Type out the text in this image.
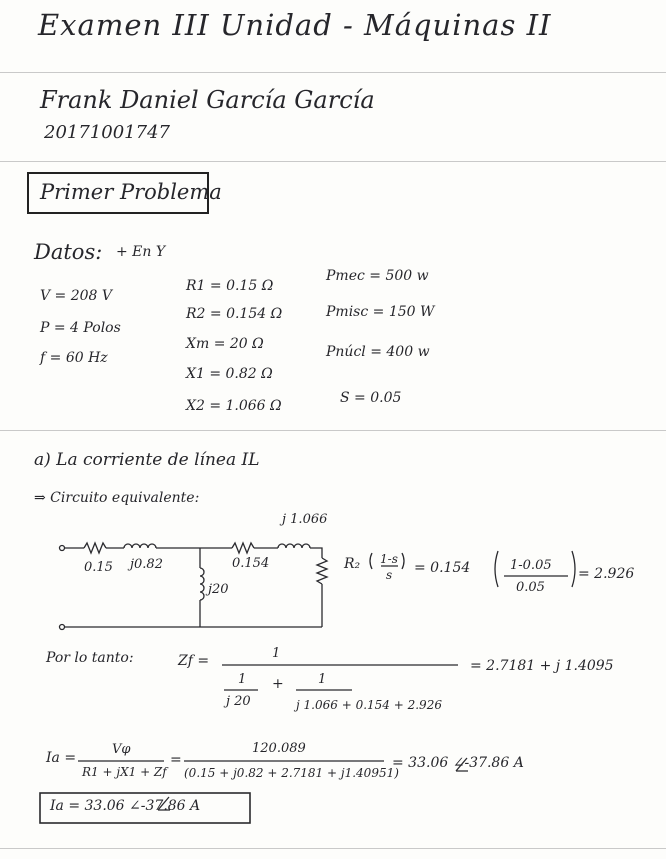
Examen III Unidad - Máquinas II
Frank Daniel García García
20171001747
Primer Problema
Datos: + En Y
V = 208 V
P = 4 Polos
f = 60 Hz
R1 = 0.15 Ω
R2 = 0.154 Ω
Xm = 20 Ω
X1 = 0.82 Ω
X2 = 1.066 Ω
Pmec = 500 w
Pmisc = 150 W
Pnúcl = 400 w
S = 0.05
a) La corriente de línea IL
⇒ Circuito equivalente:
0.15 j0.82
j20
0.154
j 1.066
R₂ 1-s
s = 0.154	1-0.05
0.05
= 2.926
Por lo tanto:	Zf =	1
1
j 20
+	1
j 1.066 + 0.154 + 2.926
= 2.7181 + j 1.4095
Ia =
Vφ
R1 + jX1 + Zf
=
120.089
(0.15 + j0.82 + 2.7181 + j1.40951)
= 33.06 ∠-37.86 A
Ia = 33.06 ∠-37.86 A
